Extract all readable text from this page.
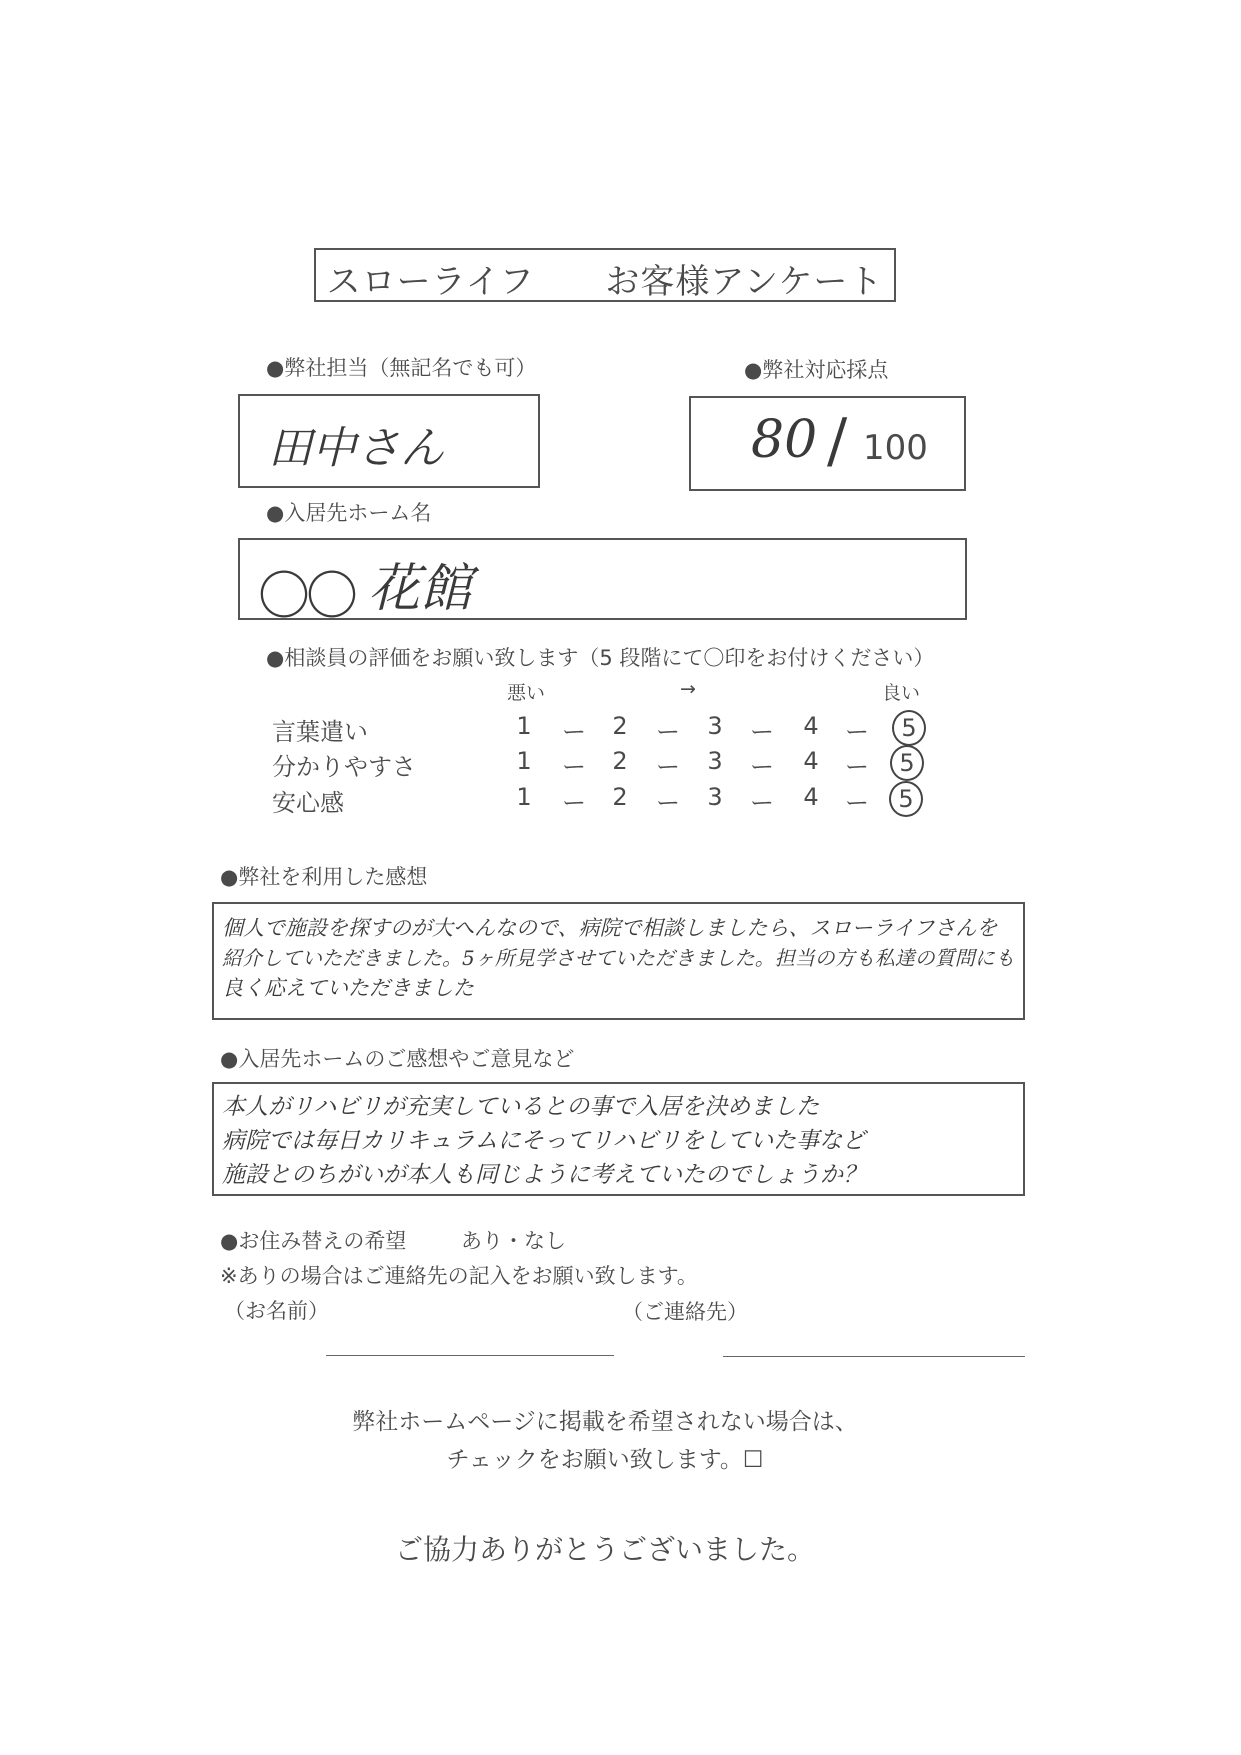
スローライフ お客様アンケート
●弊社担当（無記名でも可）
田中さん
●弊社対応採点
80 / 100
●入居先ホーム名
〇〇 花館
●相談員の評価をお願い致します（5 段階にて〇印をお付けください）
悪い	→	良い
言葉遣い	1	ー	2	ー	3	ー	4	ー	5
分かりやすさ	1	ー	2	ー	3	ー	4	ー	5
安心感	1	ー	2	ー	3	ー	4	ー	5
●弊社を利用した感想
個人で施設を探すのが大へんなので、病院で相談しましたら、スローライフさんを
紹介していただきました。5ヶ所見学させていただきました。担当の方も私達の質問にも
良く応えていただきました
●入居先ホームのご感想やご意見など
本人がリハビリが充実しているとの事で入居を決めました
病院では毎日カリキュラムにそってリハビリをしていた事など
施設とのちがいが本人も同じように考えていたのでしょうか？
●お住み替えの希望	あり・なし
※ありの場合はご連絡先の記入をお願い致します。
（お名前）	（ご連絡先）
弊社ホームページに掲載を希望されない場合は、
チェックをお願い致します。☐
ご協力ありがとうございました。
